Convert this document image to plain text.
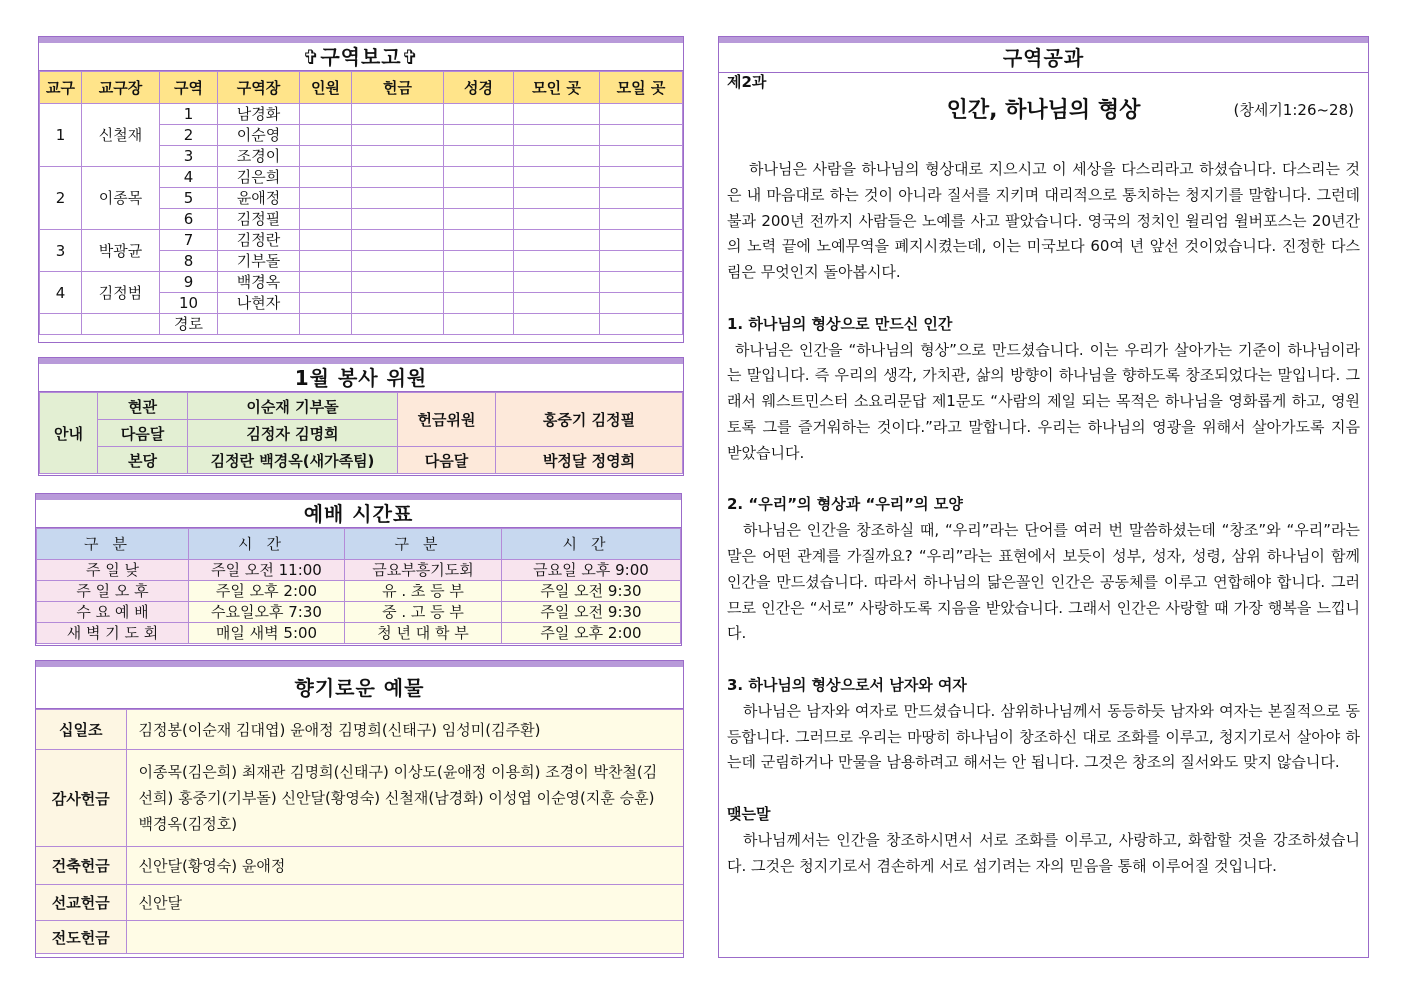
✞구역보고✞
교구	교구장	구역	구역장	인원	헌금	성경	모인 곳	모일 곳
1	신철재	1	남경화					
		2	이순영					
		3	조경이					
2	이종목	4	김은희					
		5	윤애정					
		6	김정필					
3	박광균	7	김정란					
		8	기부돌					
4	김정범	9	백경옥					
		10	나현자					
		경로						
1월 봉사 위원
안내	현관	이순재 기부돌	헌금위원	홍중기 김정필
	다음달	김정자 김명희		
	본당	김정란 백경옥(새가족팀)	다음달	박정달 정영희
예배 시간표
구분	시간	구분	시간
주 일 낮	주일 오전 11:00	금요부흥기도회	금요일 오후 9:00
주 일 오 후	주일 오후 2:00	유 . 초 등 부	주일 오전 9:30
수 요 예 배	수요일오후 7:30	중 . 고 등 부	주일 오전 9:30
새 벽 기 도 회	매일 새벽 5:00	청 년 대 학 부	주일 오후 2:00
향기로운 예물
십일조	김정봉(이순재 김대엽) 윤애정 김명희(신태구) 임성미(김주환)
감사헌금	이종목(김은희) 최재관 김명희(신태구) 이상도(윤애정 이용희) 조경이 박찬철(김선희) 홍중기(기부돌) 신안달(황영숙) 신철재(남경화) 이성엽 이순영(지훈 승훈) 백경옥(김정호)
건축헌금	신안달(황영숙) 윤애정
선교헌금	신안달
전도헌금	
구역공과
제2과
인간, 하나님의 형상	(창세기1:26~28)

하나님은 사람을 하나님의 형상대로 지으시고 이 세상을 다스리라고 하셨습니다. 다스리는 것은 내 마음대로 하는 것이 아니라 질서를 지키며 대리적으로 통치하는 청지기를 말합니다. 그런데 불과 200년 전까지 사람들은 노예를 사고 팔았습니다. 영국의 정치인 윌리엄 윌버포스는 20년간의 노력 끝에 노예무역을 폐지시켰는데, 이는 미국보다 60여 년 앞선 것이었습니다. 진정한 다스림은 무엇인지 돌아봅시다.

1. 하나님의 형상으로 만드신 인간

하나님은 인간을 “하나님의 형상”으로 만드셨습니다. 이는 우리가 살아가는 기준이 하나님이라는 말입니다. 즉 우리의 생각, 가치관, 삶의 방향이 하나님을 향하도록 창조되었다는 말입니다. 그래서 웨스트민스터 소요리문답 제1문도 “사람의 제일 되는 목적은 하나님을 영화롭게 하고, 영원토록 그를 즐거워하는 것이다.”라고 말합니다. 우리는 하나님의 영광을 위해서 살아가도록 지음 받았습니다.

2. “우리”의 형상과 “우리”의 모양

하나님은 인간을 창조하실 때, “우리”라는 단어를 여러 번 말씀하셨는데 “창조”와 “우리”라는 말은 어떤 관계를 가질까요? “우리”라는 표현에서 보듯이 성부, 성자, 성령, 삼위 하나님이 함께 인간을 만드셨습니다. 따라서 하나님의 닮은꼴인 인간은 공동체를 이루고 연합해야 합니다. 그러므로 인간은 “서로” 사랑하도록 지음을 받았습니다. 그래서 인간은 사랑할 때 가장 행복을 느낍니다.

3. 하나님의 형상으로서 남자와 여자

하나님은 남자와 여자로 만드셨습니다. 삼위하나님께서 동등하듯 남자와 여자는 본질적으로 동등합니다. 그러므로 우리는 마땅히 하나님이 창조하신 대로 조화를 이루고, 청지기로서 살아야 하는데 군림하거나 만물을 남용하려고 해서는 안 됩니다. 그것은 창조의 질서와도 맞지 않습니다.

맺는말

하나님께서는 인간을 창조하시면서 서로 조화를 이루고, 사랑하고, 화합할 것을 강조하셨습니다. 그것은 청지기로서 겸손하게 서로 섬기려는 자의 믿음을 통해 이루어질 것입니다.
